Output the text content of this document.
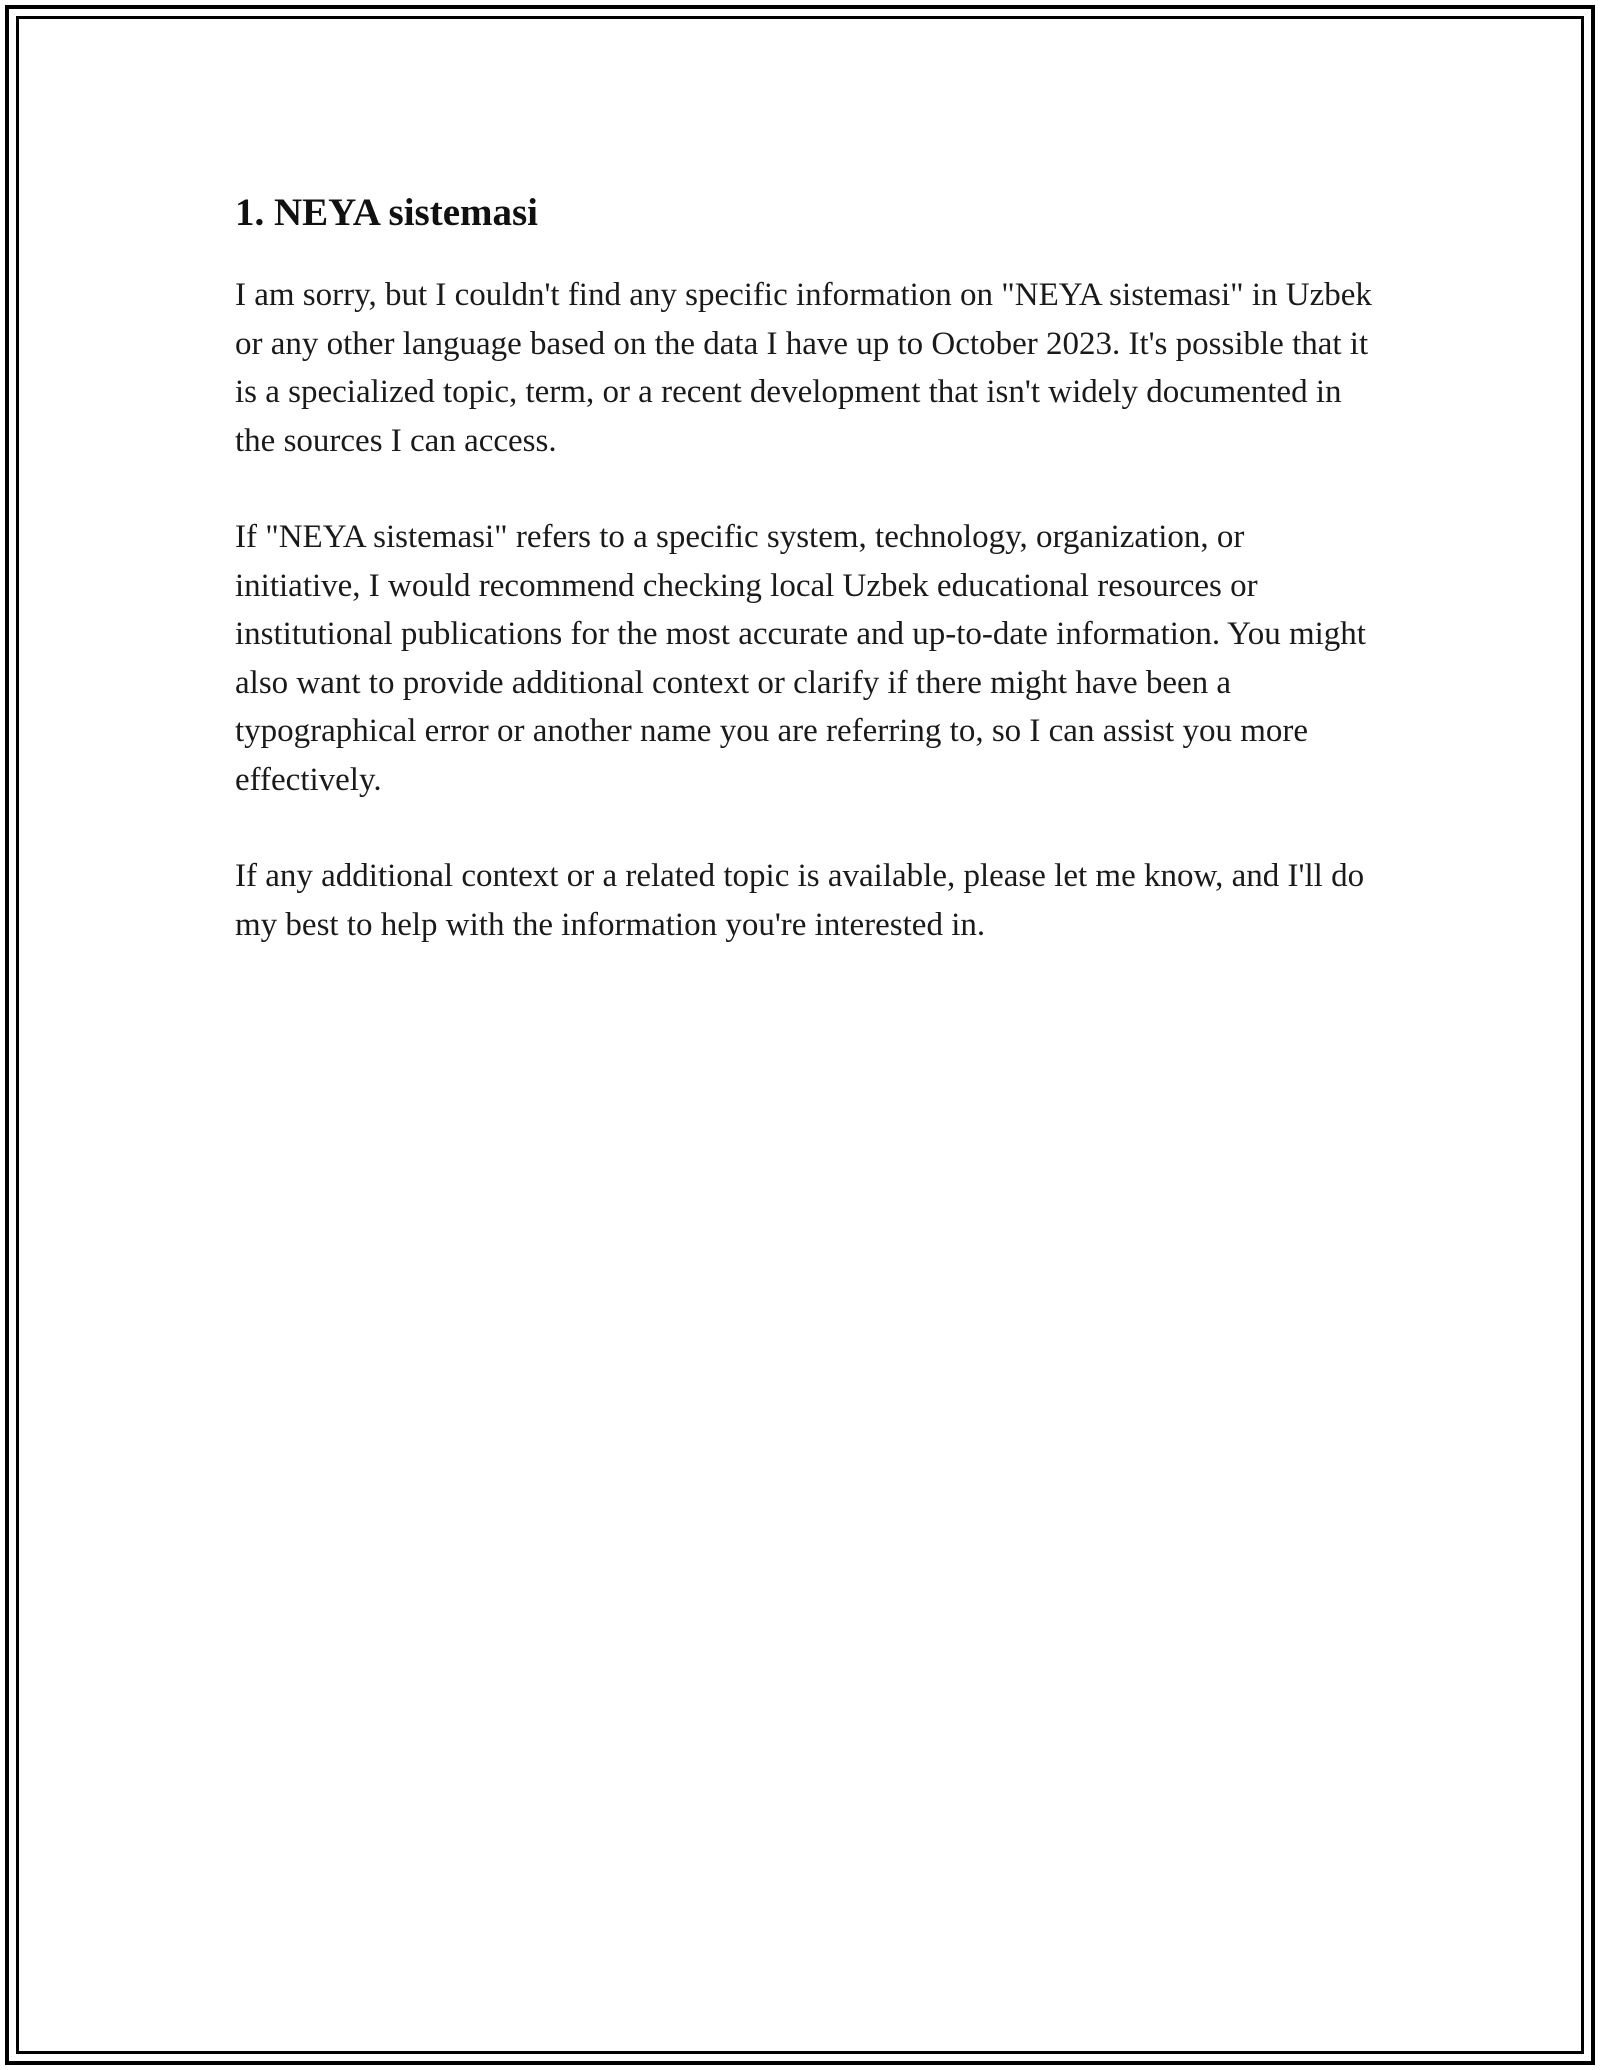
1. NEYA sistemasi

I am sorry, but I couldn't find any specific information on "NEYA sistemasi" in Uzbek or any other language based on the data I have up to October 2023. It's possible that it is a specialized topic, term, or a recent development that isn't widely documented in the sources I can access.

If "NEYA sistemasi" refers to a specific system, technology, organization, or initiative, I would recommend checking local Uzbek educational resources or institutional publications for the most accurate and up-to-date information. You might also want to provide additional context or clarify if there might have been a typographical error or another name you are referring to, so I can assist you more effectively.

If any additional context or a related topic is available, please let me know, and I'll do my best to help with the information you're interested in.
